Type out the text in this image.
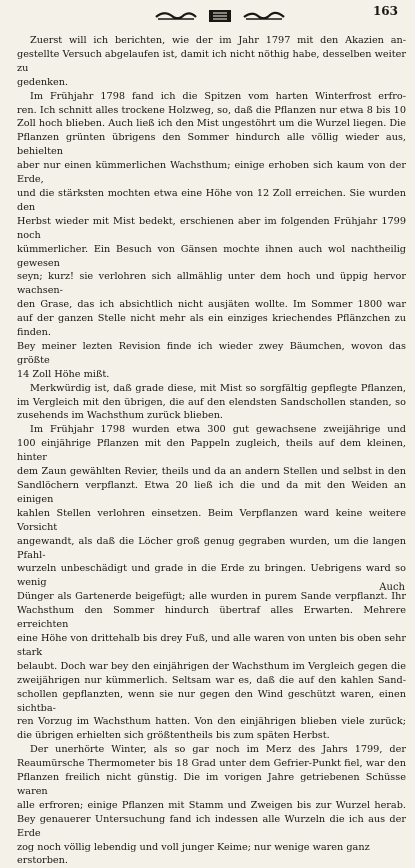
163

Zuerst will ich berichten, wie der im Jahr 1797 mit den Akazien an-
gestellte Versuch abgelaufen ist, damit ich nicht nöthig habe, desselben weiter zu
gedenken.

Im Frühjahr 1798 fand ich die Spitzen vom harten Winterfrost erfro-
ren. Ich schnitt alles trockene Holzweg, so, daß die Pflanzen nur etwa 8 bis 10
Zoll hoch blieben. Auch ließ ich den Mist ungestöhrt um die Wurzel liegen. Die
Pflanzen grünten übrigens den Sommer hindurch alle völlig wieder aus, behielten
aber nur einen kümmerlichen Wachsthum; einige erhoben sich kaum von der Erde,
und die stärksten mochten etwa eine Höhe von 12 Zoll erreichen. Sie wurden den
Herbst wieder mit Mist bedekt, erschienen aber im folgenden Frühjahr 1799 noch
kümmerlicher. Ein Besuch von Gänsen mochte ihnen auch wol nachtheilig gewesen
seyn; kurz! sie verlohren sich allmählig unter dem hoch und üppig hervor wachsen-
den Grase, das ich absichtlich nicht ausjäten wollte. Im Sommer 1800 war
auf der ganzen Stelle nicht mehr als ein einziges kriechendes Pflänzchen zu finden.
Bey meiner lezten Revision finde ich wieder zwey Bäumchen, wovon das größte
14 Zoll Höhe mißt.

Merkwürdig ist, daß grade diese, mit Mist so sorgfältig gepflegte Pflanzen,
im Vergleich mit den übrigen, die auf den elendsten Sandschollen standen, so
zusehends im Wachsthum zurück blieben.

Im Frühjahr 1798 wurden etwa 300 gut gewachsene zweijährige und
100 einjährige Pflanzen mit den Pappeln zugleich, theils auf dem kleinen, hinter
dem Zaun gewählten Revier, theils und da an andern Stellen und selbst in den
Sandlöchern verpflanzt. Etwa 20 ließ ich die und da mit den Weiden an einigen
kahlen Stellen verlohren einsetzen. Beim Verpflanzen ward keine weitere Vorsicht
angewandt, als daß die Löcher groß genug gegraben wurden, um die langen Pfahl-
wurzeln unbeschädigt und grade in die Erde zu bringen. Uebrigens ward so wenig
Dünger als Gartenerde beigefügt; alle wurden in purem Sande verpflanzt. Ihr
Wachsthum den Sommer hindurch übertraf alles Erwarten. Mehrere erreichten
eine Höhe von drittehalb bis drey Fuß, und alle waren von unten bis oben sehr stark
belaubt. Doch war bey den einjährigen der Wachsthum im Vergleich gegen die
zweijährigen nur kümmerlich. Seltsam war es, daß die auf den kahlen Sand-
schollen gepflanzten, wenn sie nur gegen den Wind geschützt waren, einen sichtba-
ren Vorzug im Wachsthum hatten. Von den einjährigen blieben viele zurück;
die übrigen erhielten sich größtentheils bis zum späten Herbst.

Der unerhörte Winter, als so gar noch im Merz des Jahrs 1799, der
Reaumürsche Thermometer bis 18 Grad unter dem Gefrier-Punkt fiel, war den
Pflanzen freilich nicht günstig. Die im vorigen Jahre getriebenen Schüsse waren
alle erfroren; einige Pflanzen mit Stamm und Zweigen bis zur Wurzel herab.
Bey genauerer Untersuchung fand ich indessen alle Wurzeln die ich aus der Erde
zog noch völlig lebendig und voll junger Keime; nur wenige waren ganz erstorben.

Auch
